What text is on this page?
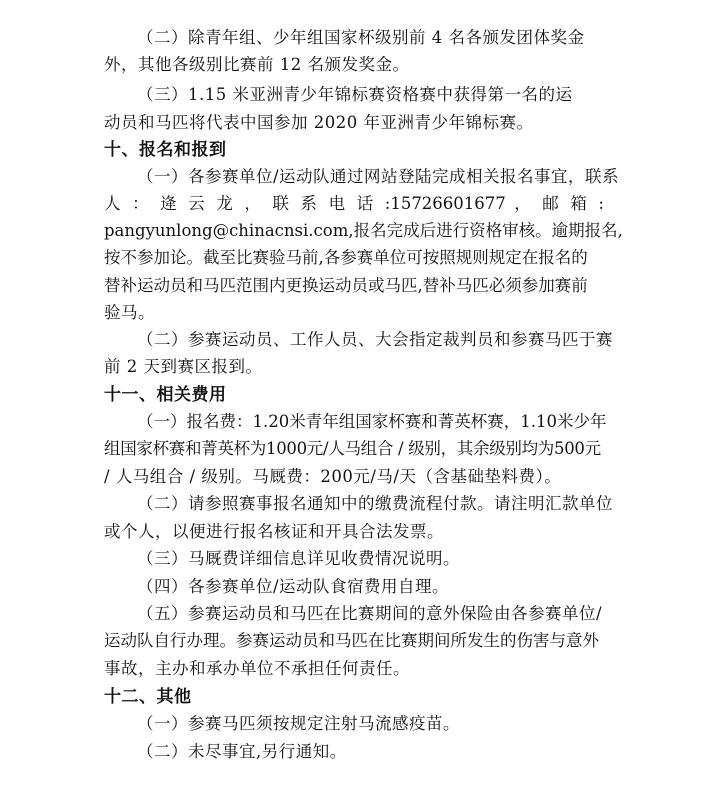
（二）除青年组、少年组国家杯级别前 4 名各颁发团体奖金
外，其他各级别比赛前 12 名颁发奖金。
（三）1.15 米亚洲青少年锦标赛资格赛中获得第一名的运
动员和马匹将代表中国参加 2020 年亚洲青少年锦标赛。
十、报名和报到
（一）各参赛单位/运动队通过网站登陆完成相关报名事宜，联系
人 ： 逄 云 龙 ， 联 系 电 话 :15726601677 ， 邮 箱 :
pangyunlong@chinacnsi.com,报名完成后进行资格审核。逾期报名,
按不参加论。截至比赛验马前,各参赛单位可按照规则规定在报名的
替补运动员和马匹范围内更换运动员或马匹,替补马匹必须参加赛前
验马。
（二）参赛运动员、工作人员、大会指定裁判员和参赛马匹于赛
前 2 天到赛区报到。
十一、相关费用
（一）报名费：1.20米青年组国家杯赛和菁英杯赛，1.10米少年
组国家杯赛和菁英杯为1000元/人马组合 / 级别，其余级别均为500元
/ 人马组合 / 级别。马厩费：200元/马/天（含基础垫料费）。
（二）请参照赛事报名通知中的缴费流程付款。请注明汇款单位
或个人，以便进行报名核证和开具合法发票。
（三）马厩费详细信息详见收费情况说明。
（四）各参赛单位/运动队食宿费用自理。
（五）参赛运动员和马匹在比赛期间的意外保险由各参赛单位/
运动队自行办理。参赛运动员和马匹在比赛期间所发生的伤害与意外
事故，主办和承办单位不承担任何责任。
十二、其他
（一）参赛马匹须按规定注射马流感疫苗。
（二）未尽事宜,另行通知。
